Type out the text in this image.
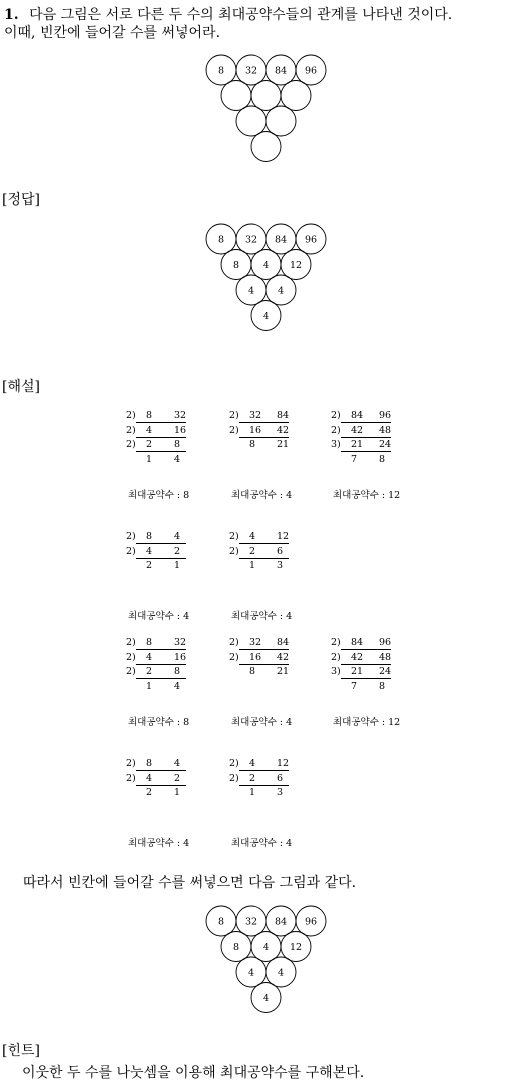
1. 다음 그림은 서로 다른 두 수의 최대공약수들의 관계를 나타낸 것이다.
이때, 빈칸에 들어갈 수를 써넣어라.
8 32 84 96
[정답]
8 32 84 96
8	4 12
4	4
4
[해설]
2) 8 32
2) 4 16
2) 2 8
1 4
최대공약수 : 8
2) 32 84
2) 16 42
8 21
최대공약수 : 4
2) 84 96
2) 42 48
3) 21 24
7 8
최대공약수 : 12
2) 8 4
2) 4 2
2 1
최대공약수 : 4
2) 4 12
2) 2 6
1 3
최대공약수 : 4
2) 8 32
2) 4 16
2) 2 8
1 4
최대공약수 : 8
2) 32 84
2) 16 42
8 21
최대공약수 : 4
2) 84 96
2) 42 48
3) 21 24
7 8
최대공약수 : 12
2) 8 4
2) 4 2
2 1
최대공약수 : 4
2) 4 12
2) 2 6
1 3
최대공약수 : 4
따라서 빈칸에 들어갈 수를 써넣으면 다음 그림과 같다.
8 32 84 96
8	4 12
4	4
4
[힌트]
이웃한 두 수를 나눗셈을 이용해 최대공약수를 구해본다.
